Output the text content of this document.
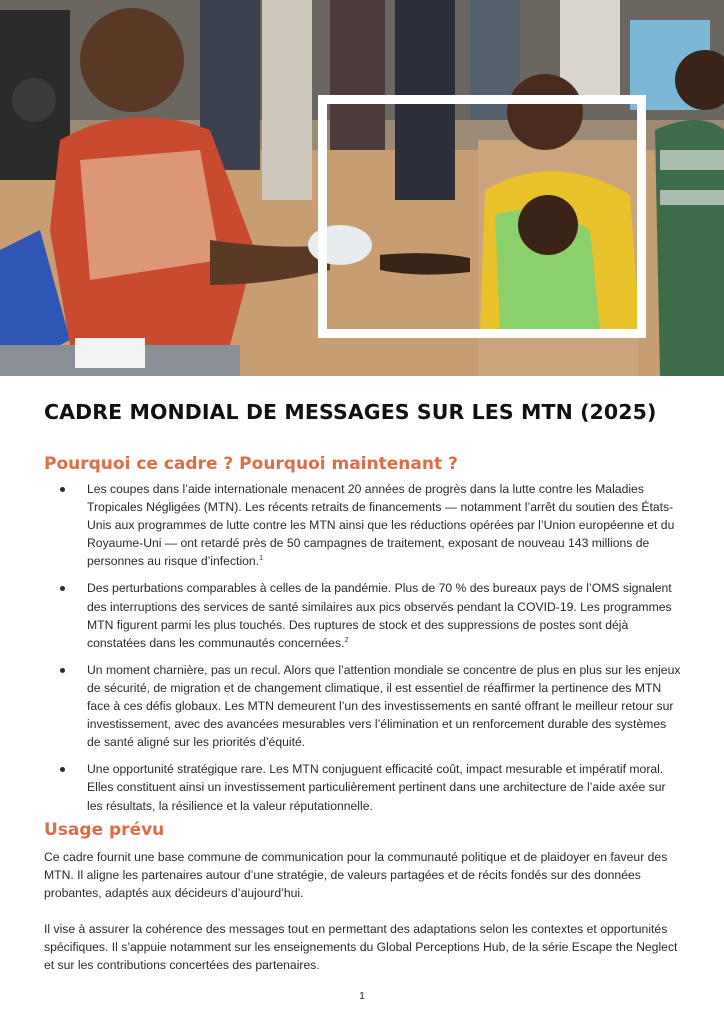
CADRE MONDIAL DE MESSAGES SUR LES MTN (2025)
Pourquoi ce cadre ? Pourquoi maintenant ?
Les coupes dans l’aide internationale menacent 20 années de progrès dans la lutte contre les Maladies Tropicales Négligées (MTN). Les récents retraits de financements — notamment l’arrêt du soutien des États-Unis aux programmes de lutte contre les MTN ainsi que les réductions opérées par l’Union européenne et du Royaume-Uni — ont retardé près de 50 campagnes de traitement, exposant de nouveau 143 millions de personnes au risque d’infection.$^1$
Des perturbations comparables à celles de la pandémie. Plus de 70 % des bureaux pays de l’OMS signalent des interruptions des services de santé similaires aux pics observés pendant la COVID-19. Les programmes MTN figurent parmi les plus touchés. Des ruptures de stock et des suppressions de postes sont déjà constatées dans les communautés concernées.$^2$
Un moment charnière, pas un recul. Alors que l’attention mondiale se concentre de plus en plus sur les enjeux de sécurité, de migration et de changement climatique, il est essentiel de réaffirmer la pertinence des MTN face à ces défis globaux. Les MTN demeurent l’un des investissements en santé offrant le meilleur retour sur investissement, avec des avancées mesurables vers l’élimination et un renforcement durable des systèmes de santé aligné sur les priorités d’équité.
Une opportunité stratégique rare. Les MTN conjuguent efficacité coût, impact mesurable et impératif moral. Elles constituent ainsi un investissement particulièrement pertinent dans une architecture de l’aide axée sur les résultats, la résilience et la valeur réputationnelle.
Usage prévu

Ce cadre fournit une base commune de communication pour la communauté politique et de plaidoyer en faveur des MTN. Il aligne les partenaires autour d’une stratégie, de valeurs partagées et de récits fondés sur des données probantes, adaptés aux décideurs d’aujourd’hui.

Il vise à assurer la cohérence des messages tout en permettant des adaptations selon les contextes et opportunités spécifiques. Il s’appuie notamment sur les enseignements du Global Perceptions Hub, de la série Escape the Neglect et sur les contributions concertées des partenaires.

1
